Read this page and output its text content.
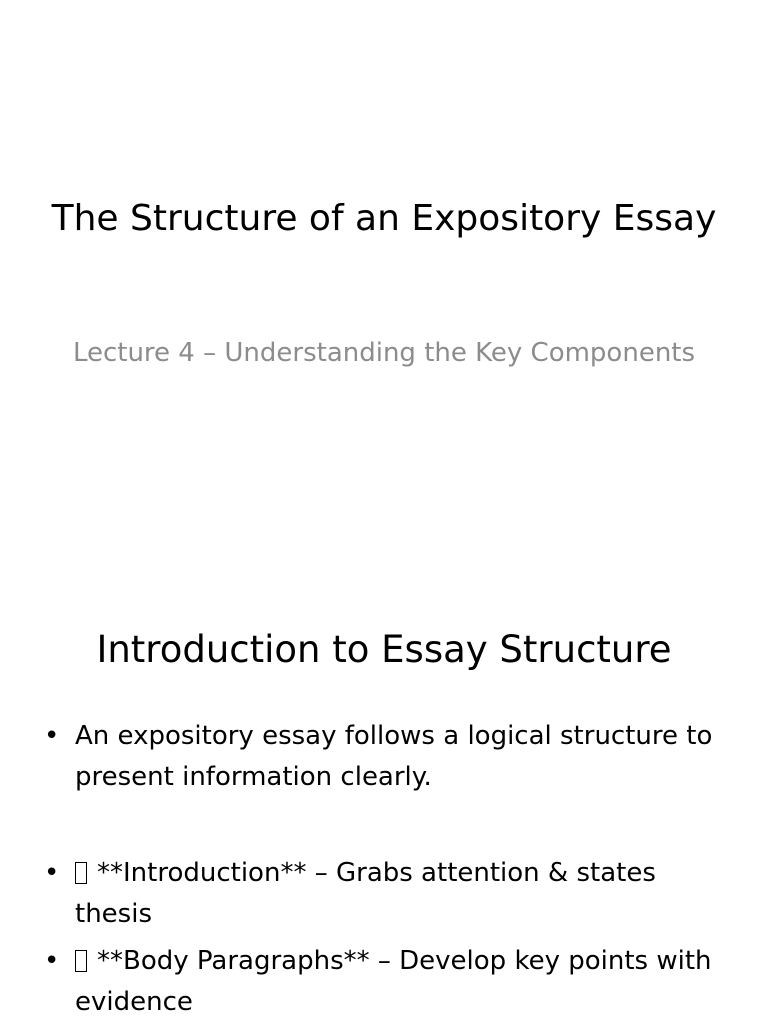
The Structure of an Expository Essay

Lecture 4 – Understanding the Key Components

Introduction to Essay Structure
• An expository essay follows a logical structure to present information clearly.
• **Introduction** – Grabs attention & states thesis
• **Body Paragraphs** – Develop key points with evidence
